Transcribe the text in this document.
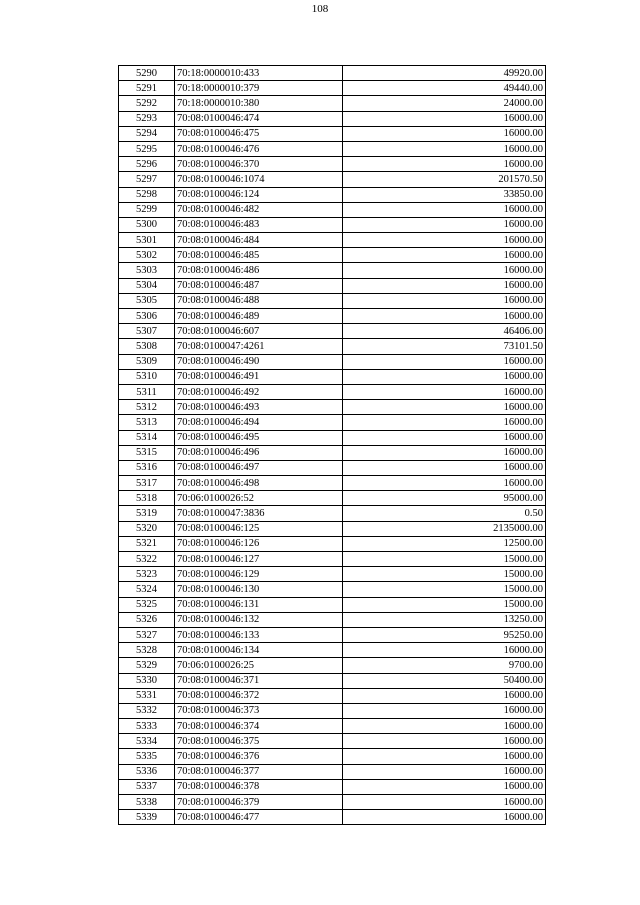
108
5290	70:18:0000010:433	49920.00
5291	70:18:0000010:379	49440.00
5292	70:18:0000010:380	24000.00
5293	70:08:0100046:474	16000.00
5294	70:08:0100046:475	16000.00
5295	70:08:0100046:476	16000.00
5296	70:08:0100046:370	16000.00
5297	70:08:0100046:1074	201570.50
5298	70:08:0100046:124	33850.00
5299	70:08:0100046:482	16000.00
5300	70:08:0100046:483	16000.00
5301	70:08:0100046:484	16000.00
5302	70:08:0100046:485	16000.00
5303	70:08:0100046:486	16000.00
5304	70:08:0100046:487	16000.00
5305	70:08:0100046:488	16000.00
5306	70:08:0100046:489	16000.00
5307	70:08:0100046:607	46406.00
5308	70:08:0100047:4261	73101.50
5309	70:08:0100046:490	16000.00
5310	70:08:0100046:491	16000.00
5311	70:08:0100046:492	16000.00
5312	70:08:0100046:493	16000.00
5313	70:08:0100046:494	16000.00
5314	70:08:0100046:495	16000.00
5315	70:08:0100046:496	16000.00
5316	70:08:0100046:497	16000.00
5317	70:08:0100046:498	16000.00
5318	70:06:0100026:52	95000.00
5319	70:08:0100047:3836	0.50
5320	70:08:0100046:125	2135000.00
5321	70:08:0100046:126	12500.00
5322	70:08:0100046:127	15000.00
5323	70:08:0100046:129	15000.00
5324	70:08:0100046:130	15000.00
5325	70:08:0100046:131	15000.00
5326	70:08:0100046:132	13250.00
5327	70:08:0100046:133	95250.00
5328	70:08:0100046:134	16000.00
5329	70:06:0100026:25	9700.00
5330	70:08:0100046:371	50400.00
5331	70:08:0100046:372	16000.00
5332	70:08:0100046:373	16000.00
5333	70:08:0100046:374	16000.00
5334	70:08:0100046:375	16000.00
5335	70:08:0100046:376	16000.00
5336	70:08:0100046:377	16000.00
5337	70:08:0100046:378	16000.00
5338	70:08:0100046:379	16000.00
5339	70:08:0100046:477	16000.00
